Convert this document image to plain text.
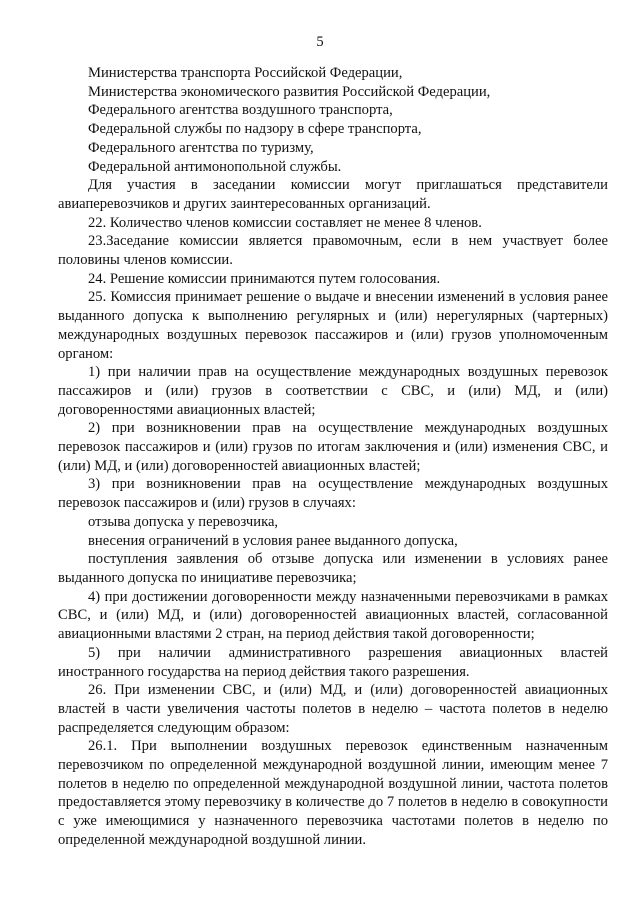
5

Министерства транспорта Российской Федерации,

Министерства экономического развития Российской Федерации,

Федерального агентства воздушного транспорта,

Федеральной службы по надзору в сфере транспорта,

Федерального агентства по туризму,

Федеральной антимонопольной службы.

Для участия в заседании комиссии могут приглашаться представители авиаперевозчиков и других заинтересованных организаций.

22. Количество членов комиссии составляет не менее 8 членов.

23.Заседание комиссии является правомочным, если в нем участвует более половины членов комиссии.

24. Решение комиссии принимаются путем голосования.

25. Комиссия принимает решение о выдаче и внесении изменений в условия ранее выданного допуска к выполнению регулярных и (или) нерегулярных (чартерных) международных воздушных перевозок пассажиров и (или) грузов уполномоченным органом:

1) при наличии прав на осуществление международных воздушных перевозок пассажиров и (или) грузов в соответствии с СВС, и (или) МД, и (или) договоренностями авиационных властей;

2) при возникновении прав на осуществление международных воздушных перевозок пассажиров и (или) грузов по итогам заключения и (или) изменения СВС, и (или) МД, и (или) договоренностей авиационных властей;

3) при возникновении прав на осуществление международных воздушных перевозок пассажиров и (или) грузов в случаях:

отзыва допуска у перевозчика,

внесения ограничений в условия ранее выданного допуска,

поступления заявления об отзыве допуска или изменении в условиях ранее выданного допуска по инициативе перевозчика;

4) при достижении договоренности между назначенными перевозчиками в рамках СВС, и (или) МД, и (или) договоренностей авиационных властей, согласованной авиационными властями 2 стран, на период действия такой договоренности;

5) при наличии административного разрешения авиационных властей иностранного государства на период действия такого разрешения.

26. При изменении СВС, и (или) МД, и (или) договоренностей авиационных властей в части увеличения частоты полетов в неделю – частота полетов в неделю распределяется следующим образом:

26.1. При выполнении воздушных перевозок единственным назначенным перевозчиком по определенной международной воздушной линии, имеющим менее 7 полетов в неделю по определенной международной воздушной линии, частота полетов предоставляется этому перевозчику в количестве до 7 полетов в неделю в совокупности с уже имеющимися у назначенного перевозчика частотами полетов в неделю по определенной международной воздушной линии.
